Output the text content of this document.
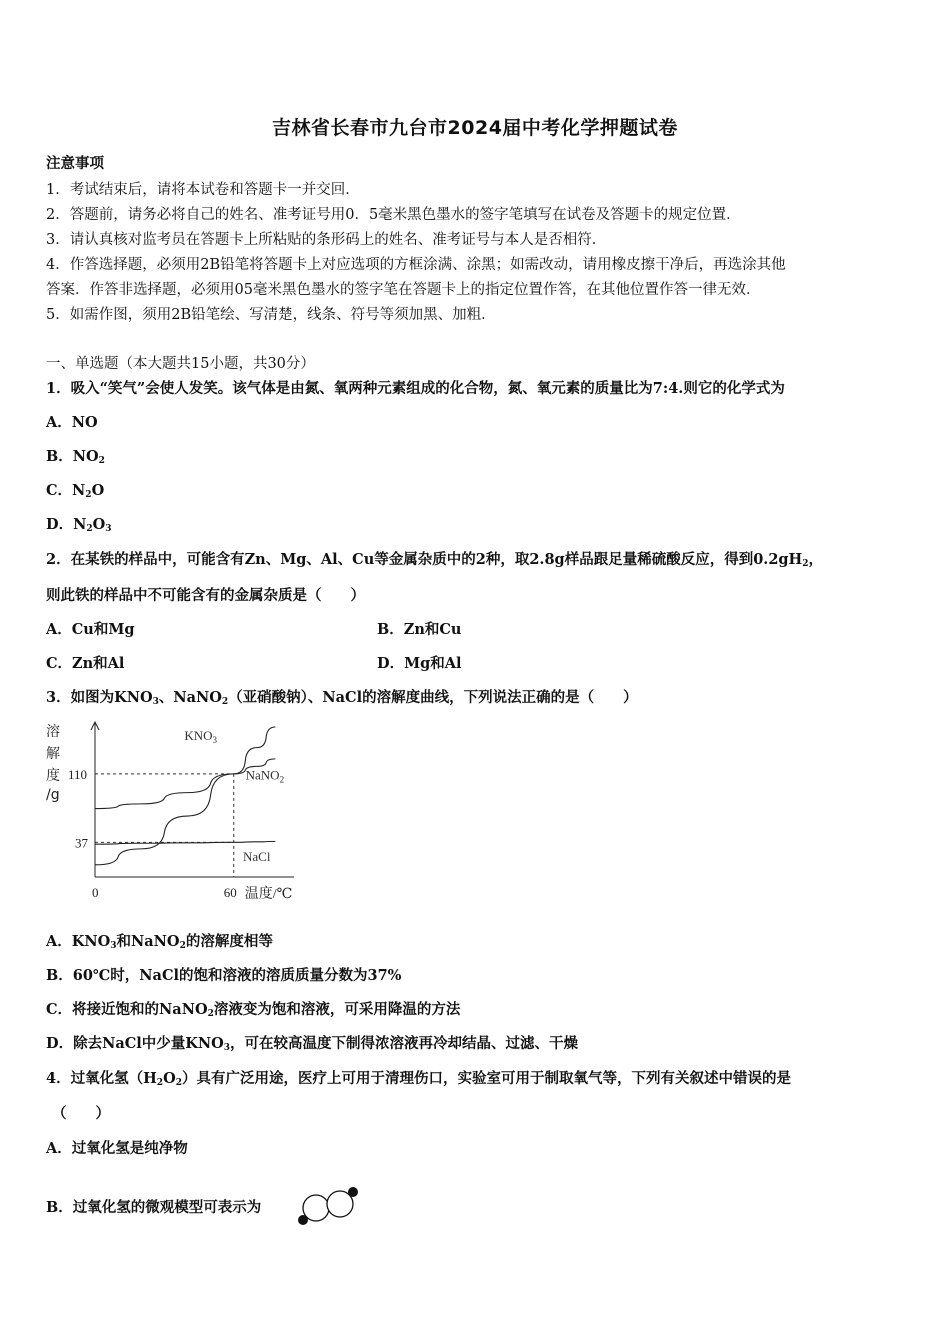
吉林省长春市九台市2024届中考化学押题试卷
注意事项
1．考试结束后，请将本试卷和答题卡一并交回．
2．答题前，请务必将自己的姓名、准考证号用0．5毫米黑色墨水的签字笔填写在试卷及答题卡的规定位置．
3．请认真核对监考员在答题卡上所粘贴的条形码上的姓名、准考证号与本人是否相符．
4．作答选择题，必须用2B铅笔将答题卡上对应选项的方框涂满、涂黑；如需改动，请用橡皮擦干净后，再选涂其他
答案．作答非选择题，必须用05毫米黑色墨水的签字笔在答题卡上的指定位置作答，在其他位置作答一律无效．
5．如需作图，须用2B铅笔绘、写清楚，线条、符号等须加黑、加粗．
一、单选题（本大题共15小题，共30分）
1．吸入“笑气”会使人发笑。该气体是由氮、氧两种元素组成的化合物，氮、氧元素的质量比为7:4.则它的化学式为
A．NO
B．$NO_2$
C．$N_2O$
D．$N_2O_3$
2．在某铁的样品中，可能含有Zn、Mg、Al、Cu等金属杂质中的2种，取2.8g样品跟足量稀硫酸反应，得到$0.2gH_2$，
则此铁的样品中不可能含有的金属杂质是（　　）
A．Cu和Mg	B．Zn和Cu
C．Zn和Al	D．Mg和Al
3．如图为$KNO_3$、NaNO$_2$（亚硝酸钠）、NaCl的溶解度曲线，下列说法正确的是（　　）
溶
解
度
/g
0	60 温度/℃
37
110
$KNO_3$
NaNO$_2$
NaCl
A．$KNO_3$和NaNO$_2$的溶解度相等
B．60℃时，NaCl的饱和溶液的溶质质量分数为37%
C．将接近饱和的NaNO$_2$溶液变为饱和溶液，可采用降温的方法
D．除去NaCl中少量$KNO_3$，可在较高温度下制得浓溶液再冷却结晶、过滤、干燥
4．过氧化氢$(H_2O_2)$具有广泛用途，医疗上可用于清理伤口，实验室可用于制取氧气等，下列有关叙述中错误的是
（　　）
A．过氧化氢是纯净物
B．过氧化氢的微观模型可表示为
